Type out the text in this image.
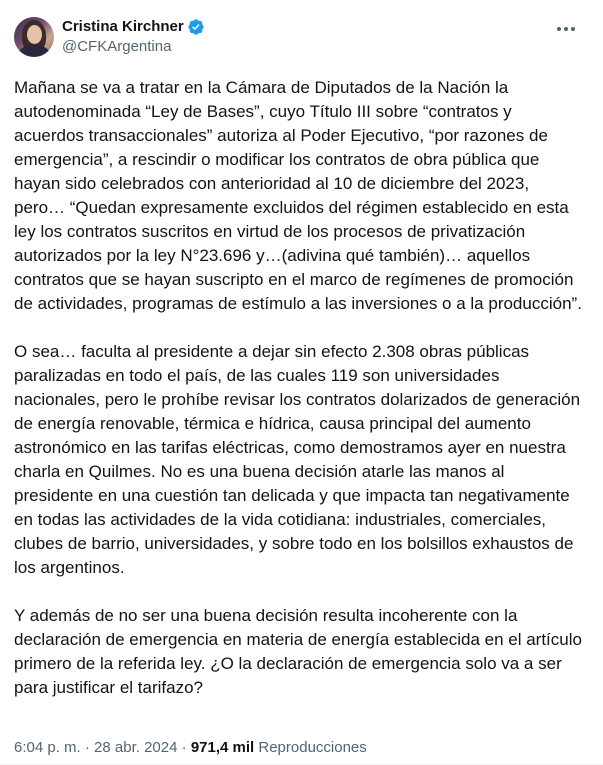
Cristina Kirchner
@CFKArgentina

Mañana se va a tratar en la Cámara de Diputados de la Nación la autodenominada “Ley de Bases”, cuyo Título III sobre “contratos y acuerdos transaccionales” autoriza al Poder Ejecutivo, “por razones de emergencia”, a rescindir o modificar los contratos de obra pública que hayan sido celebrados con anterioridad al 10 de diciembre del 2023, pero… “Quedan expresamente excluidos del régimen establecido en esta ley los contratos suscritos en virtud de los procesos de privatización autorizados por la ley N°23.696 y…(adivina qué también)… aquellos contratos que se hayan suscripto en el marco de regímenes de promoción de actividades, programas de estímulo a las inversiones o a la producción”.

O sea… faculta al presidente a dejar sin efecto 2.308 obras públicas paralizadas en todo el país, de las cuales 119 son universidades nacionales, pero le prohíbe revisar los contratos dolarizados de generación de energía renovable, térmica e hídrica, causa principal del aumento astronómico en las tarifas eléctricas, como demostramos ayer en nuestra charla en Quilmes. No es una buena decisión atarle las manos al presidente en una cuestión tan delicada y que impacta tan negativamente en todas las actividades de la vida cotidiana: industriales, comerciales, clubes de barrio, universidades, y sobre todo en los bolsillos exhaustos de los argentinos.

Y además de no ser una buena decisión resulta incoherente con la declaración de emergencia en materia de energía establecida en el artículo primero de la referida ley. ¿O la declaración de emergencia solo va a ser para justificar el tarifazo?

6:04 p. m. · 28 abr. 2024 · 971,4 mil Reproducciones
